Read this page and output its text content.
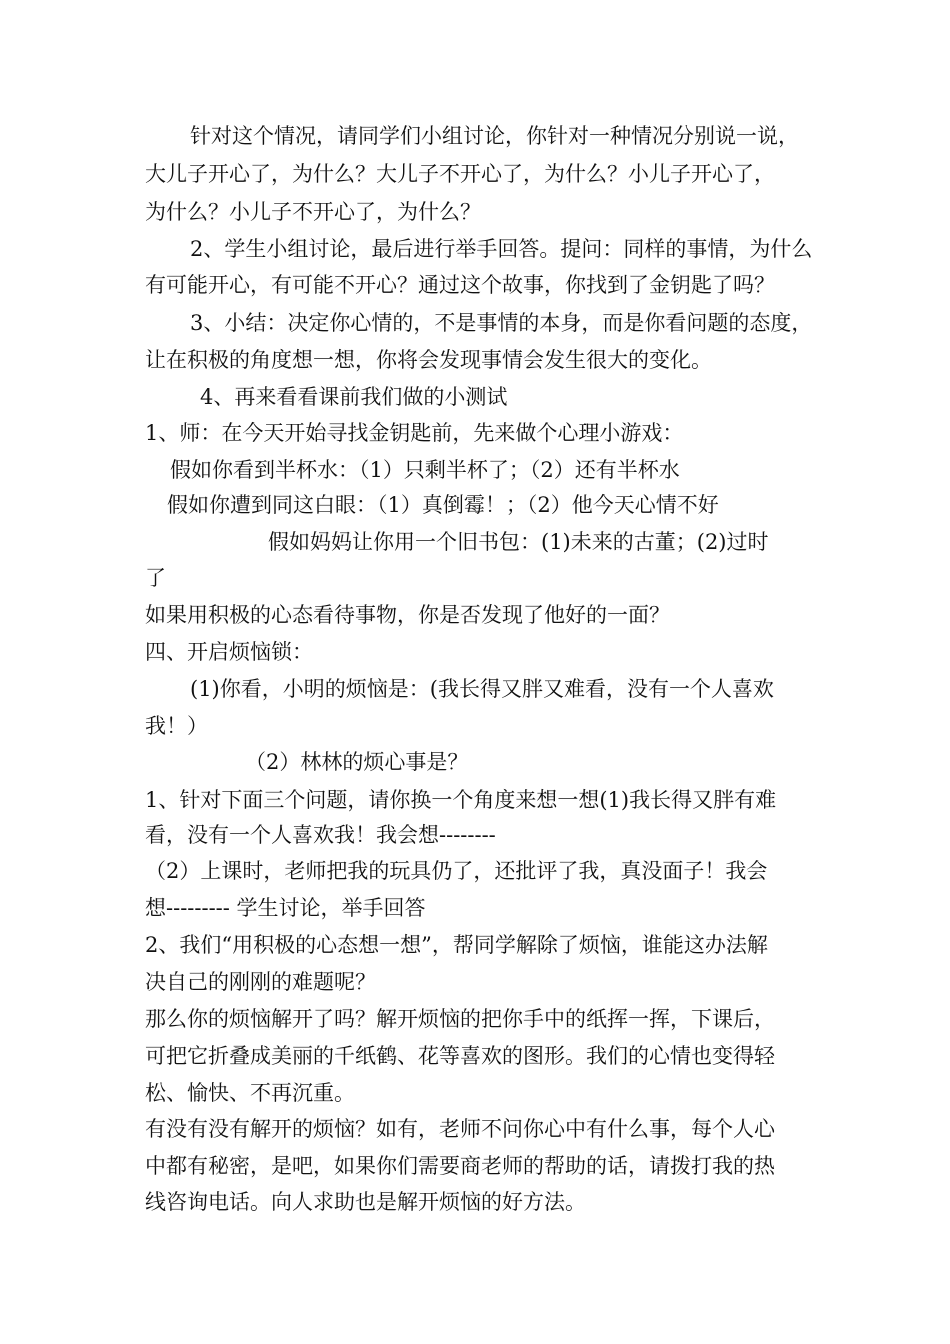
针对这个情况，请同学们小组讨论，你针对一种情况分别说一说，
大儿子开心了，为什么？大儿子不开心了，为什么？小儿子开心了，
为什么？小儿子不开心了，为什么？
2、学生小组讨论，最后进行举手回答。提问：同样的事情，为什么
有可能开心，有可能不开心？通过这个故事，你找到了金钥匙了吗？
3、小结：决定你心情的，不是事情的本身，而是你看问题的态度，
让在积极的角度想一想，你将会发现事情会发生很大的变化。
4、再来看看课前我们做的小测试
1、师：在今天开始寻找金钥匙前，先来做个心理小游戏：
假如你看到半杯水：（1）只剩半杯了；（2）还有半杯水
假如你遭到同这白眼：（1）真倒霉！；（2）他今天心情不好
假如妈妈让你用一个旧书包：(1)未来的古董；(2)过时
了
如果用积极的心态看待事物，你是否发现了他好的一面？
四、开启烦恼锁：
(1)你看，小明的烦恼是：(我长得又胖又难看，没有一个人喜欢
我！）
（2）林林的烦心事是？
1、针对下面三个问题，请你换一个角度来想一想(1)我长得又胖有难
看，没有一个人喜欢我！我会想--------
（2）上课时，老师把我的玩具仍了，还批评了我，真没面子！我会
想--------- 学生讨论，举手回答
2、我们“用积极的心态想一想”，帮同学解除了烦恼，谁能这办法解
决自己的刚刚的难题呢？
那么你的烦恼解开了吗？解开烦恼的把你手中的纸挥一挥，下课后，
可把它折叠成美丽的千纸鹤、花等喜欢的图形。我们的心情也变得轻
松、愉快、不再沉重。
有没有没有解开的烦恼？如有，老师不问你心中有什么事，每个人心
中都有秘密，是吧，如果你们需要商老师的帮助的话，请拨打我的热
线咨询电话。向人求助也是解开烦恼的好方法。
